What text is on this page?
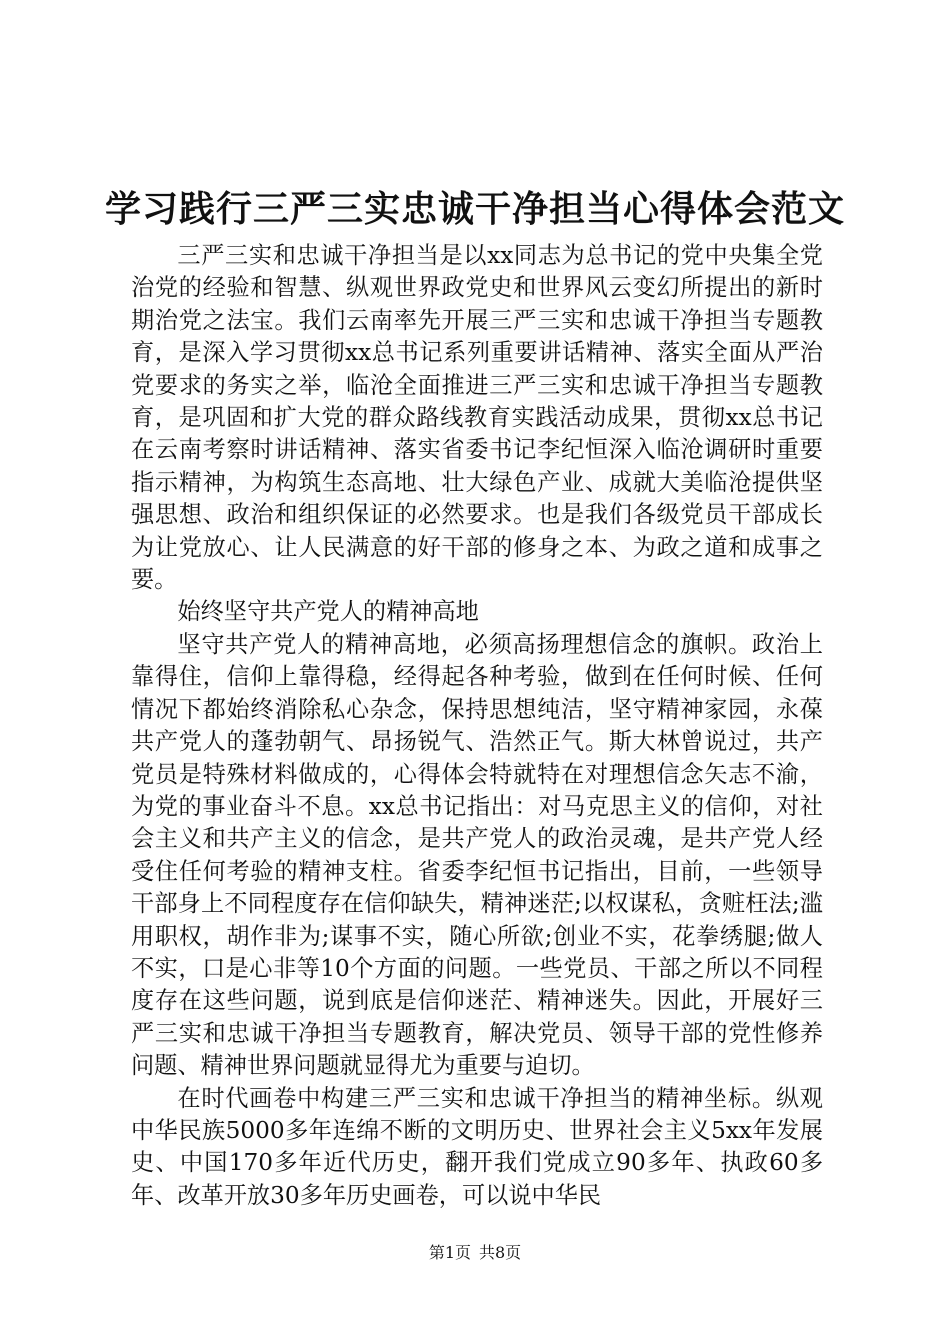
学习践行三严三实忠诚干净担当心得体会范文

三严三实和忠诚干净担当是以xx同志为总书记的党中央集全党治党的经验和智慧、纵观世界政党史和世界风云变幻所提出的新时期治党之法宝。我们云南率先开展三严三实和忠诚干净担当专题教育，是深入学习贯彻xx总书记系列重要讲话精神、落实全面从严治党要求的务实之举，临沧全面推进三严三实和忠诚干净担当专题教育，是巩固和扩大党的群众路线教育实践活动成果，贯彻xx总书记在云南考察时讲话精神、落实省委书记李纪恒深入临沧调研时重要指示精神，为构筑生态高地、壮大绿色产业、成就大美临沧提供坚强思想、政治和组织保证的必然要求。也是我们各级党员干部成长为让党放心、让人民满意的好干部的修身之本、为政之道和成事之要。

始终坚守共产党人的精神高地

坚守共产党人的精神高地，必须高扬理想信念的旗帜。政治上靠得住，信仰上靠得稳，经得起各种考验，做到在任何时候、任何情况下都始终消除私心杂念，保持思想纯洁，坚守精神家园，永葆共产党人的蓬勃朝气、昂扬锐气、浩然正气。斯大林曾说过，共产党员是特殊材料做成的，心得体会特就特在对理想信念矢志不渝，为党的事业奋斗不息。xx总书记指出：对马克思主义的信仰，对社会主义和共产主义的信念，是共产党人的政治灵魂，是共产党人经受住任何考验的精神支柱。省委李纪恒书记指出，目前，一些领导干部身上不同程度存在信仰缺失，精神迷茫;以权谋私，贪赃枉法;滥用职权，胡作非为;谋事不实，随心所欲;创业不实，花拳绣腿;做人不实，口是心非等10个方面的问题。一些党员、干部之所以不同程度存在这些问题，说到底是信仰迷茫、精神迷失。因此，开展好三严三实和忠诚干净担当专题教育，解决党员、领导干部的党性修养问题、精神世界问题就显得尤为重要与迫切。

在时代画卷中构建三严三实和忠诚干净担当的精神坐标。纵观中华民族5000多年连绵不断的文明历史、世界社会主义5xx年发展史、中国170多年近代历史，翻开我们党成立90多年、执政60多年、改革开放30多年历史画卷，可以说中华民

第1页 共8页
